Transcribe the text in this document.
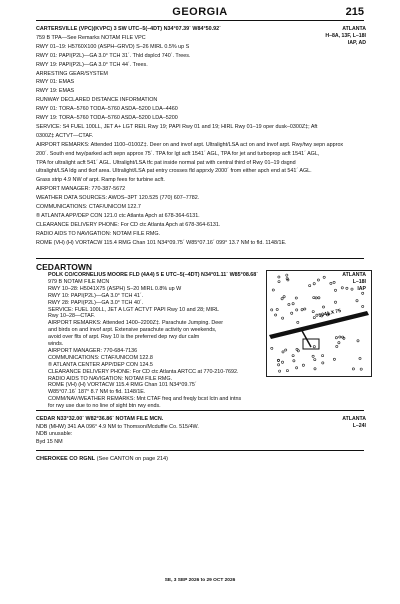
GEORGIA	215
CARTERSVILLE (VPC)(KVPC) 3 SW UTC–5(–4DT) N34°07.39´ W84°50.92´
759 B TPA—See Remarks NOTAM FILE VPC
RWY 01–19: H5760X100 (ASPH–GRVD) S–26 MIRL 0.5% up S
RWY 01: PAPI(P2L)—GA 3.0° TCH 31´. Thld dsplcd 740´. Trees.
RWY 19: PAPI(P2L)—GA 3.0° TCH 44´. Trees.
ARRESTING GEAR/SYSTEM
RWY 01: EMAS
RWY 19: EMAS
RUNWAY DECLARED DISTANCE INFORMATION
RWY 01: TORA–5760 TODA–5760 ASDA–5200 LDA–4460
RWY 19: TORA–5760 TODA–5760 ASDA–5200 LDA–5200
SERVICE: S4 FUEL 100LL, JET A+ LGT REIL Rwy 19; PAPI Rwy 01 and 19; HIRL Rwy 01–19 oper dusk–0300Z‡; Aft
0300Z‡ ACTVT—CTAF.
AIRPORT REMARKS: Attended 1100–0100Z‡. Deer on and invof arpt. Ultralight/LSA act on and invof arpt. Rwy/twy sepn approx
200´. South end twy/parked acft sepn approx 75´. TPA for lgt acft 1541´ AGL, TPA for jet and turboprop acft 1541´ AGL,
TPA for ultralight acft 541´ AGL. Ultralight/LSA tfc pat inside normal pat with central third of Rwy 01–19 dsgnd
ultralight/LSA ldg and tkof area. Ultralight/LSA pat entry crosses fld apprxly 2000´ from either apch end at 541´ AGL.
Grass strip 4.9 NW of arpt. Ramp fees for turbine acft.
AIRPORT MANAGER: 770-387-5672
WEATHER DATA SOURCES: AWOS–3PT 120.525 (770) 607–7782.
COMMUNICATIONS: CTAF/UNICOM 122.7
® ATLANTA APP/DEP CON 121.0 ctc Atlanta Apch at 678-364-6131.
CLEARANCE DELIVERY PHONE: For CD ctc Atlanta Apch at 678-364-6131.
RADIO AIDS TO NAVIGATION: NOTAM FILE RMG.
ROME (VH) (H) VORTACW 115.4 RMG Chan 101 N34°09.75´ W85°07.16´ 099° 13.7 NM to fld. 1148/1E.
ATLANTA
H–8A, 13F, L–18I
IAP, AD
CEDARTOWN
POLK CO/CORNELIUS MOORE FLD (4A4) 5 E UTC–5(–4DT) N34°01.11´ W85°08.68´
979 B NOTAM FILE MCN
RWY 10–28: H5041X75 (ASPH) S–20 MIRL 0.8% up W
RWY 10: PAPI(P2L)—GA 3.0° TCH 41´.
RWY 28: PAPI(P2L)—GA 3.0° TCH 40´.
SERVICE: FUEL 100LL, JET A LGT ACTVT PAPI Rwy 10 and 28; MIRL
Rwy 10–28—CTAF.
AIRPORT REMARKS: Attended 1400–2200Z‡. Parachute Jumping. Deer
and birds on and invof arpt. Extensive parachute activity on weekends,
avoid over flts of arpt. Rwy 10 is the preferred dep rwy dur calm
winds.
AIRPORT MANAGER: 770-684-7136
COMMUNICATIONS: CTAF/UNICOM 122.8
® ATLANTA CENTER APP/DEP CON 124.5
CLEARANCE DELIVERY PHONE: For CD ctc Atlanta ARTCC at 770-210-7692.
RADIO AIDS TO NAVIGATION: NOTAM FILE RMG.
ROME (VH) (H) VORTACW 115.4 RMG Chan 101 N34°09.75´
W85°07.16´ 187° 8.7 NM to fld. 1148/1E.
COMM/NAV/WEATHER REMARKS: Mnt CTAF freq and freqly bcst lctn and intns
for rwy use due to no line of sight btn rwy ends.
ATLANTA
L–18I
IAP
5041 X 75
CEDAR N33°32.00´ W82°36.86´ NOTAM FILE MCN.
NDB (MHW) 341 AA 096° 4.9 NM to Thomson/Mcduffie Co. 515/4W.
NDB unusable:
Byd 15 NM
ATLANTA
L–24I
CHEROKEE CO RGNL (See CANTON on page 214)
SE, 3 SEP 2026 to 29 OCT 2026
